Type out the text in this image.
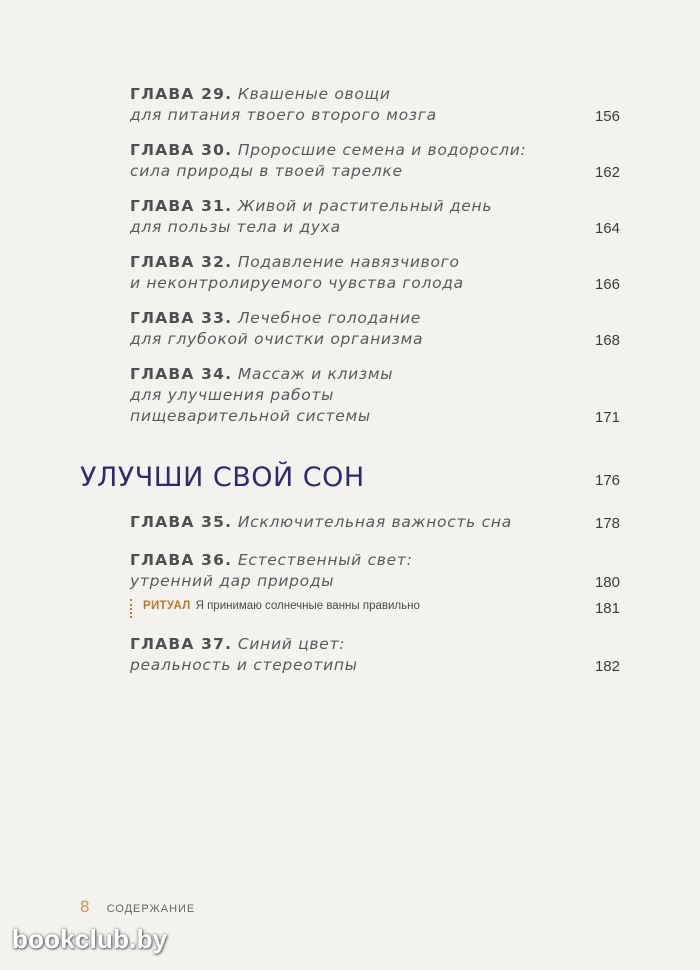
ГЛАВА 29. Квашеные овощи
для питания твоего второго мозга	156
ГЛАВА 30. Проросшие семена и водоросли:
сила природы в твоей тарелке	162
ГЛАВА 31. Живой и растительный день
для пользы тела и духа	164
ГЛАВА 32. Подавление навязчивого
и неконтролируемого чувства голода	166
ГЛАВА 33. Лечебное голодание
для глубокой очистки организма	168
ГЛАВА 34. Массаж и клизмы
для улучшения работы
пищеварительной системы	171
УЛУЧШИ СВОЙ СОН	176
ГЛАВА 35. Исключительная важность сна	178
ГЛАВА 36. Естественный свет:
утренний дар природы	180
РИТУАЛ Я принимаю солнечные ванны правильно	181
ГЛАВА 37. Синий цвет:
реальность и стереотипы	182
8 СОДЕРЖАНИЕ
bookclub.by
